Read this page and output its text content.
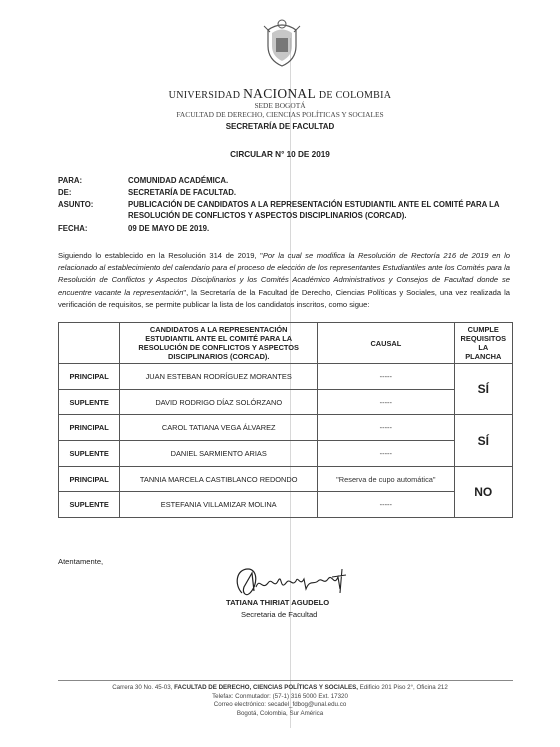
UNIVERSIDAD NACIONAL DE COLOMBIA
SEDE BOGOTÁ
FACULTAD DE DERECHO, CIENCIAS POLÍTICAS Y SOCIALES
SECRETARÍA DE FACULTAD
CIRCULAR N° 10 DE 2019
PARA:	COMUNIDAD ACADÉMICA.
DE:	SECRETARÍA DE FACULTAD.
ASUNTO:	PUBLICACIÓN DE CANDIDATOS A LA REPRESENTACIÓN ESTUDIANTIL ANTE EL COMITÉ PARA LA RESOLUCIÓN DE CONFLICTOS Y ASPECTOS DISCIPLINARIOS (CORCAD).
FECHA:	09 DE MAYO DE 2019.
Siguiendo lo establecido en la Resolución 314 de 2019, "Por la cual se modifica la Resolución de Rectoría 216 de 2019 en lo relacionado al establecimiento del calendario para el proceso de elección de los representantes Estudiantiles ante los Comités para la Resolución de Conflictos y Aspectos Disciplinarios y los Comités Académico Administrativos y Consejos de Facultad donde se encuentre vacante la representación", la Secretaría de la Facultad de Derecho, Ciencias Políticas y Sociales, una vez realizada la verificación de requisitos, se permite publicar la lista de los candidatos inscritos, como sigue:
	CANDIDATOS A LA REPRESENTACIÓN ESTUDIANTIL ANTE EL COMITÉ PARA LA RESOLUCIÓN DE CONFLICTOS Y ASPECTOS DISCIPLINARIOS (CORCAD).	CAUSAL	CUMPLE REQUISITOS LA PLANCHA
PRINCIPAL	JUAN ESTEBAN RODRÍGUEZ MORANTES	-----	SÍ
SUPLENTE	DAVID RODRIGO DÍAZ SOLÓRZANO	-----	
PRINCIPAL	CAROL TATIANA VEGA ÁLVAREZ	-----	SÍ
SUPLENTE	DANIEL SARMIENTO ARIAS	-----	
PRINCIPAL	TANNIA MARCELA CASTIBLANCO REDONDO	"Reserva de cupo automática"	NO
SUPLENTE	ESTEFANIA VILLAMIZAR MOLINA	-----	
Atentamente,
TATIANA THIRIAT AGUDELO
Secretaria de Facultad
Carrera 30 No. 45-03, FACULTAD DE DERECHO, CIENCIAS POLÍTICAS Y SOCIALES, Edificio 201 Piso 2°, Oficina 212
Telefax: Conmutador: (57-1) 316 5000 Ext. 17320
Correo electrónico: secadel_fdbog@unal.edu.co
Bogotá, Colombia, Sur América
